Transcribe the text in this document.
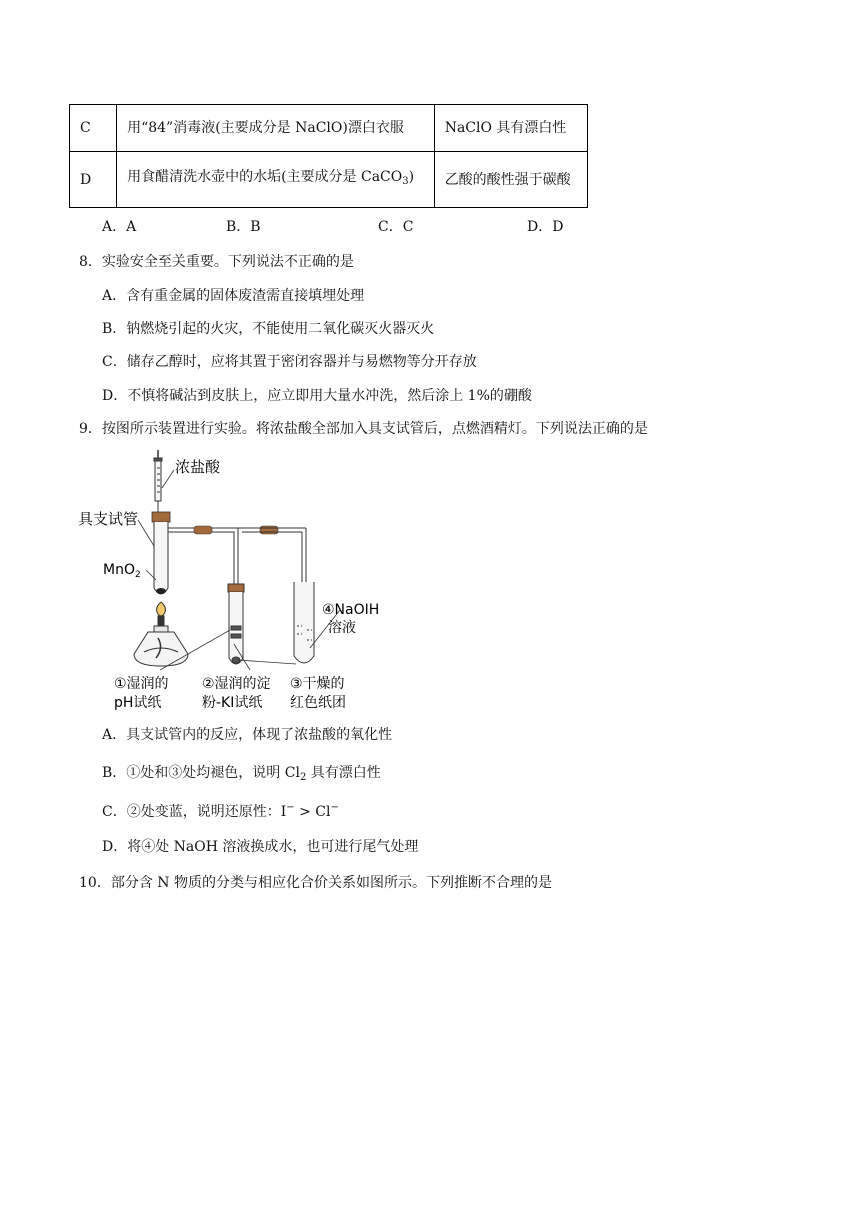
C	用“84”消毒液(主要成分是 NaClO)漂白衣服	NaClO 具有漂白性
D	用食醋清洗水壶中的水垢(主要成分是 CaCO$_3$)	乙酸的酸性强于碳酸
A．A	B．B	C．C	D．D
8．实验安全至关重要。下列说法不正确的是
A．含有重金属的固体废渣需直接填埋处理
B．钠燃烧引起的火灾，不能使用二氧化碳灭火器灭火
C．储存乙醇时，应将其置于密闭容器并与易燃物等分开存放
D．不慎将碱沾到皮肤上，应立即用大量水冲洗，然后涂上 1%的硼酸
9．按图所示装置进行实验。将浓盐酸全部加入具支试管后，点燃酒精灯。下列说法正确的是
浓盐酸
具支试管
MnO$_2$
④NaOIH
溶液
①湿润的
pH试纸
②湿润的淀
粉-KI试纸
③干燥的
红色纸团
A．具支试管内的反应，体现了浓盐酸的氧化性
B．①处和③处均褪色，说明 $Cl_2$ 具有漂白性
C．②处变蓝，说明还原性：I− > Cl−
D．将④处 NaOH 溶液换成水，也可进行尾气处理
10．部分含 N 物质的分类与相应化合价关系如图所示。下列推断不合理的是
